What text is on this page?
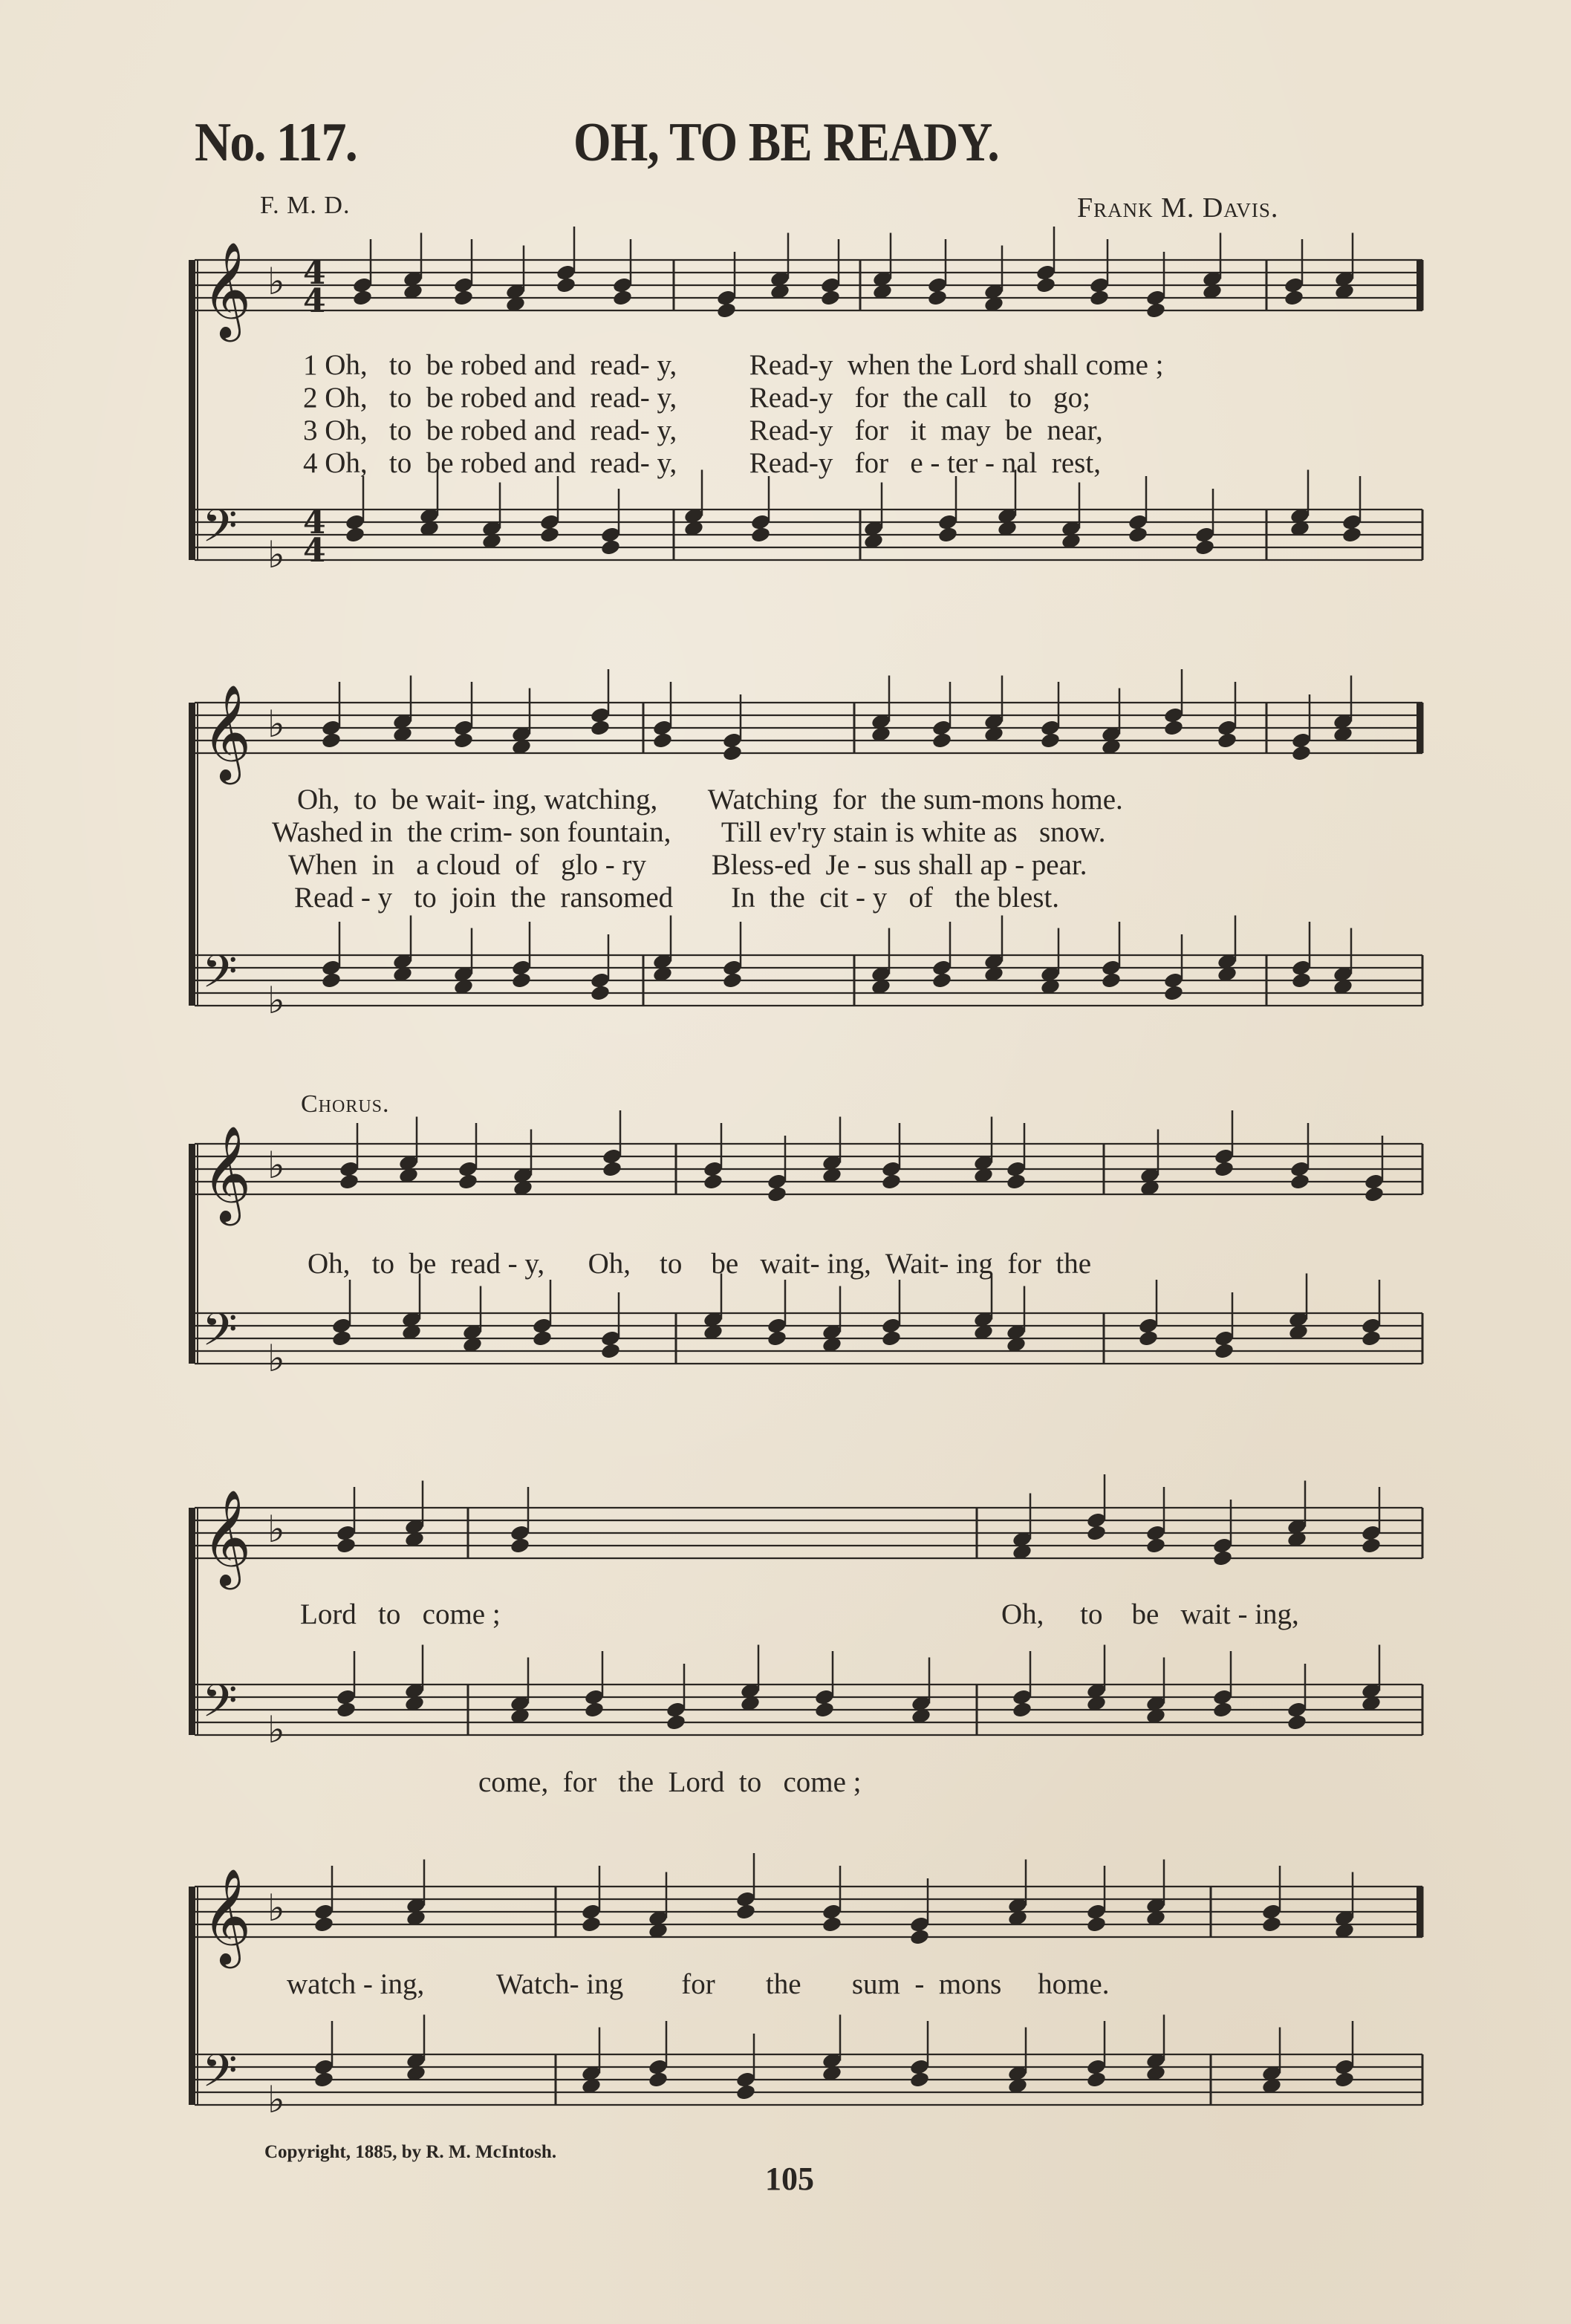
No. 117.	OH, TO BE READY.
F. M. D.	Frank M. Davis.
𝄞 ♭ 4
4
𝄢 ♭
4
4
𝄞 ♭
𝄢 ♭
𝄞 ♭
𝄢 ♭
𝄞 ♭
𝄢 ♭
𝄞 ♭
𝄢 ♭
1 Oh,   to  be robed and  read- y,          Read-y  when the Lord shall come ;
2 Oh,   to  be robed and  read- y,          Read-y   for  the call   to   go;
3 Oh,   to  be robed and  read- y,          Read-y   for   it  may  be  near,
4 Oh,   to  be robed and  read- y,          Read-y   for   e - ter - nal  rest,
Oh,  to  be wait- ing, watching,       Watching  for  the sum-mons home.
Washed in  the crim- son fountain,       Till ev'ry stain is white as   snow.
When  in   a cloud  of   glo - ry         Bless-ed  Je - sus shall ap - pear.
Read - y   to  join  the  ransomed        In  the  cit - y   of   the blest.
Chorus.
Oh,   to  be  read - y,      Oh,    to    be   wait- ing,  Wait- ing  for  the
Lord   to   come ;	Oh,     to    be   wait - ing,
come,  for   the  Lord  to   come ;
watch - ing,          Watch- ing        for       the       sum  -  mons     home.
Copyright, 1885, by R. M. McIntosh.
105
